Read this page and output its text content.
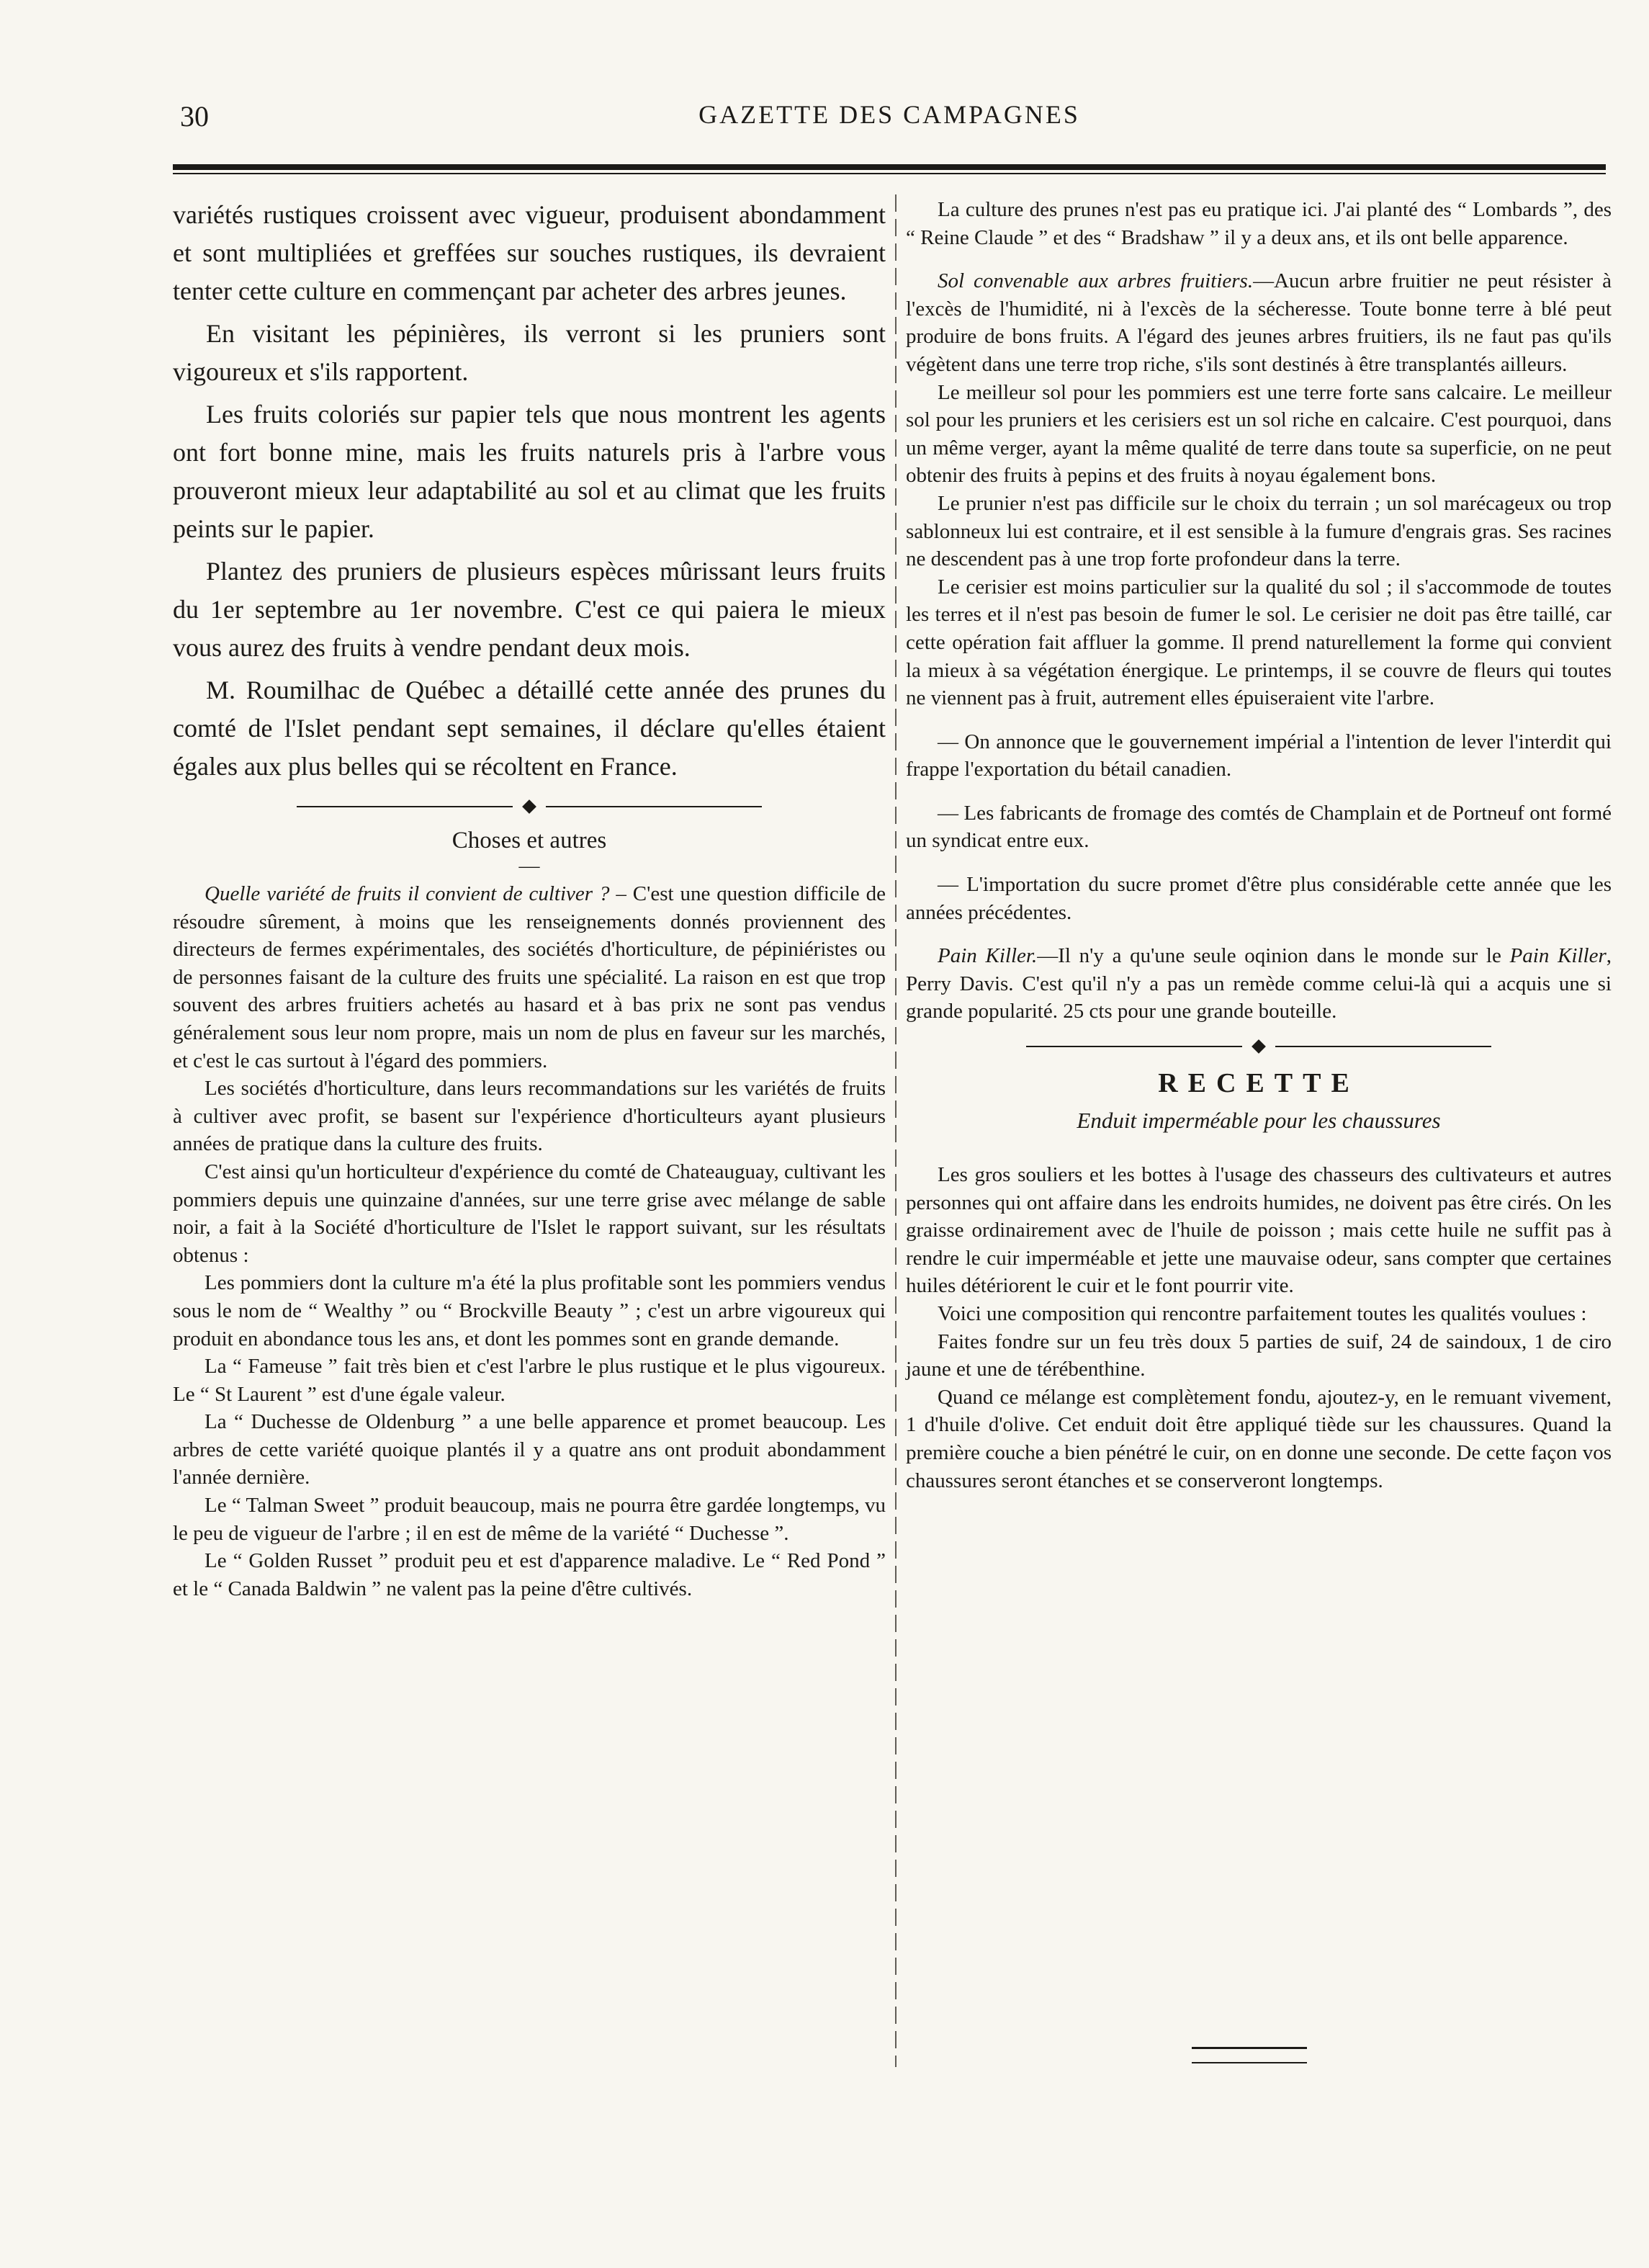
30	GAZETTE DES CAMPAGNES

variétés rustiques croissent avec vigueur, produisent abondamment et sont multipliées et greffées sur souches rustiques, ils devraient tenter cette culture en commençant par acheter des arbres jeunes.

En visitant les pépinières, ils verront si les pruniers sont vigoureux et s'ils rapportent.

Les fruits coloriés sur papier tels que nous montrent les agents ont fort bonne mine, mais les fruits naturels pris à l'arbre vous prouveront mieux leur adaptabilité au sol et au climat que les fruits peints sur le papier.

Plantez des pruniers de plusieurs espèces mûrissant leurs fruits du 1er septembre au 1er novembre. C'est ce qui paiera le mieux vous aurez des fruits à vendre pendant deux mois.

M. Roumilhac de Québec a détaillé cette année des prunes du comté de l'Islet pendant sept semaines, il déclare qu'elles étaient égales aux plus belles qui se récoltent en France.

Choses et autres
—

Quelle variété de fruits il convient de cultiver ? – C'est une question difficile de résoudre sûrement, à moins que les renseignements donnés proviennent des directeurs de fermes expérimentales, des sociétés d'horticulture, de pépiniéristes ou de personnes faisant de la culture des fruits une spécialité. La raison en est que trop souvent des arbres fruitiers achetés au hasard et à bas prix ne sont pas vendus généralement sous leur nom propre, mais un nom de plus en faveur sur les marchés, et c'est le cas surtout à l'égard des pommiers.

Les sociétés d'horticulture, dans leurs recommandations sur les variétés de fruits à cultiver avec profit, se basent sur l'expérience d'horticulteurs ayant plusieurs années de pratique dans la culture des fruits.

C'est ainsi qu'un horticulteur d'expérience du comté de Chateauguay, cultivant les pommiers depuis une quinzaine d'années, sur une terre grise avec mélange de sable noir, a fait à la Société d'horticulture de l'Islet le rapport suivant, sur les résultats obtenus :

Les pommiers dont la culture m'a été la plus profitable sont les pommiers vendus sous le nom de “ Wealthy ” ou “ Brockville Beauty ” ; c'est un arbre vigoureux qui produit en abondance tous les ans, et dont les pommes sont en grande demande.

La “ Fameuse ” fait très bien et c'est l'arbre le plus rustique et le plus vigoureux. Le “ St Laurent ” est d'une égale valeur.

La “ Duchesse de Oldenburg ” a une belle apparence et promet beaucoup. Les arbres de cette variété quoique plantés il y a quatre ans ont produit abondamment l'année dernière.

Le “ Talman Sweet ” produit beaucoup, mais ne pourra être gardée longtemps, vu le peu de vigueur de l'arbre ; il en est de même de la variété “ Duchesse ”.

Le “ Golden Russet ” produit peu et est d'apparence maladive. Le “ Red Pond ” et le “ Canada Baldwin ” ne valent pas la peine d'être cultivés.

La culture des prunes n'est pas eu pratique ici. J'ai planté des “ Lombards ”, des “ Reine Claude ” et des “ Bradshaw ” il y a deux ans, et ils ont belle apparence.

Sol convenable aux arbres fruitiers.—Aucun arbre fruitier ne peut résister à l'excès de l'humidité, ni à l'excès de la sécheresse. Toute bonne terre à blé peut produire de bons fruits. A l'égard des jeunes arbres fruitiers, ils ne faut pas qu'ils végètent dans une terre trop riche, s'ils sont destinés à être transplantés ailleurs.

Le meilleur sol pour les pommiers est une terre forte sans calcaire. Le meilleur sol pour les pruniers et les cerisiers est un sol riche en calcaire. C'est pourquoi, dans un même verger, ayant la même qualité de terre dans toute sa superficie, on ne peut obtenir des fruits à pepins et des fruits à noyau également bons.

Le prunier n'est pas difficile sur le choix du terrain ; un sol marécageux ou trop sablonneux lui est contraire, et il est sensible à la fumure d'engrais gras. Ses racines ne descendent pas à une trop forte profondeur dans la terre.

Le cerisier est moins particulier sur la qualité du sol ; il s'accommode de toutes les terres et il n'est pas besoin de fumer le sol. Le cerisier ne doit pas être taillé, car cette opération fait affluer la gomme. Il prend naturellement la forme qui convient la mieux à sa végétation énergique. Le printemps, il se couvre de fleurs qui toutes ne viennent pas à fruit, autrement elles épuiseraient vite l'arbre.

— On annonce que le gouvernement impérial a l'intention de lever l'interdit qui frappe l'exportation du bétail canadien.

— Les fabricants de fromage des comtés de Champlain et de Portneuf ont formé un syndicat entre eux.

— L'importation du sucre promet d'être plus considérable cette année que les années précédentes.

Pain Killer.—Il n'y a qu'une seule oqinion dans le monde sur le Pain Killer, Perry Davis. C'est qu'il n'y a pas un remède comme celui-là qui a acquis une si grande popularité. 25 cts pour une grande bouteille.

RECETTE
Enduit imperméable pour les chaussures

Les gros souliers et les bottes à l'usage des chasseurs des cultivateurs et autres personnes qui ont affaire dans les endroits humides, ne doivent pas être cirés. On les graisse ordinairement avec de l'huile de poisson ; mais cette huile ne suffit pas à rendre le cuir imperméable et jette une mauvaise odeur, sans compter que certaines huiles détériorent le cuir et le font pourrir vite.

Voici une composition qui rencontre parfaitement toutes les qualités voulues :

Faites fondre sur un feu très doux 5 parties de suif, 24 de saindoux, 1 de ciro jaune et une de térébenthine.

Quand ce mélange est complètement fondu, ajoutez-y, en le remuant vivement, 1 d'huile d'olive. Cet enduit doit être appliqué tiède sur les chaussures. Quand la première couche a bien pénétré le cuir, on en donne une seconde. De cette façon vos chaussures seront étanches et se conserveront longtemps.
